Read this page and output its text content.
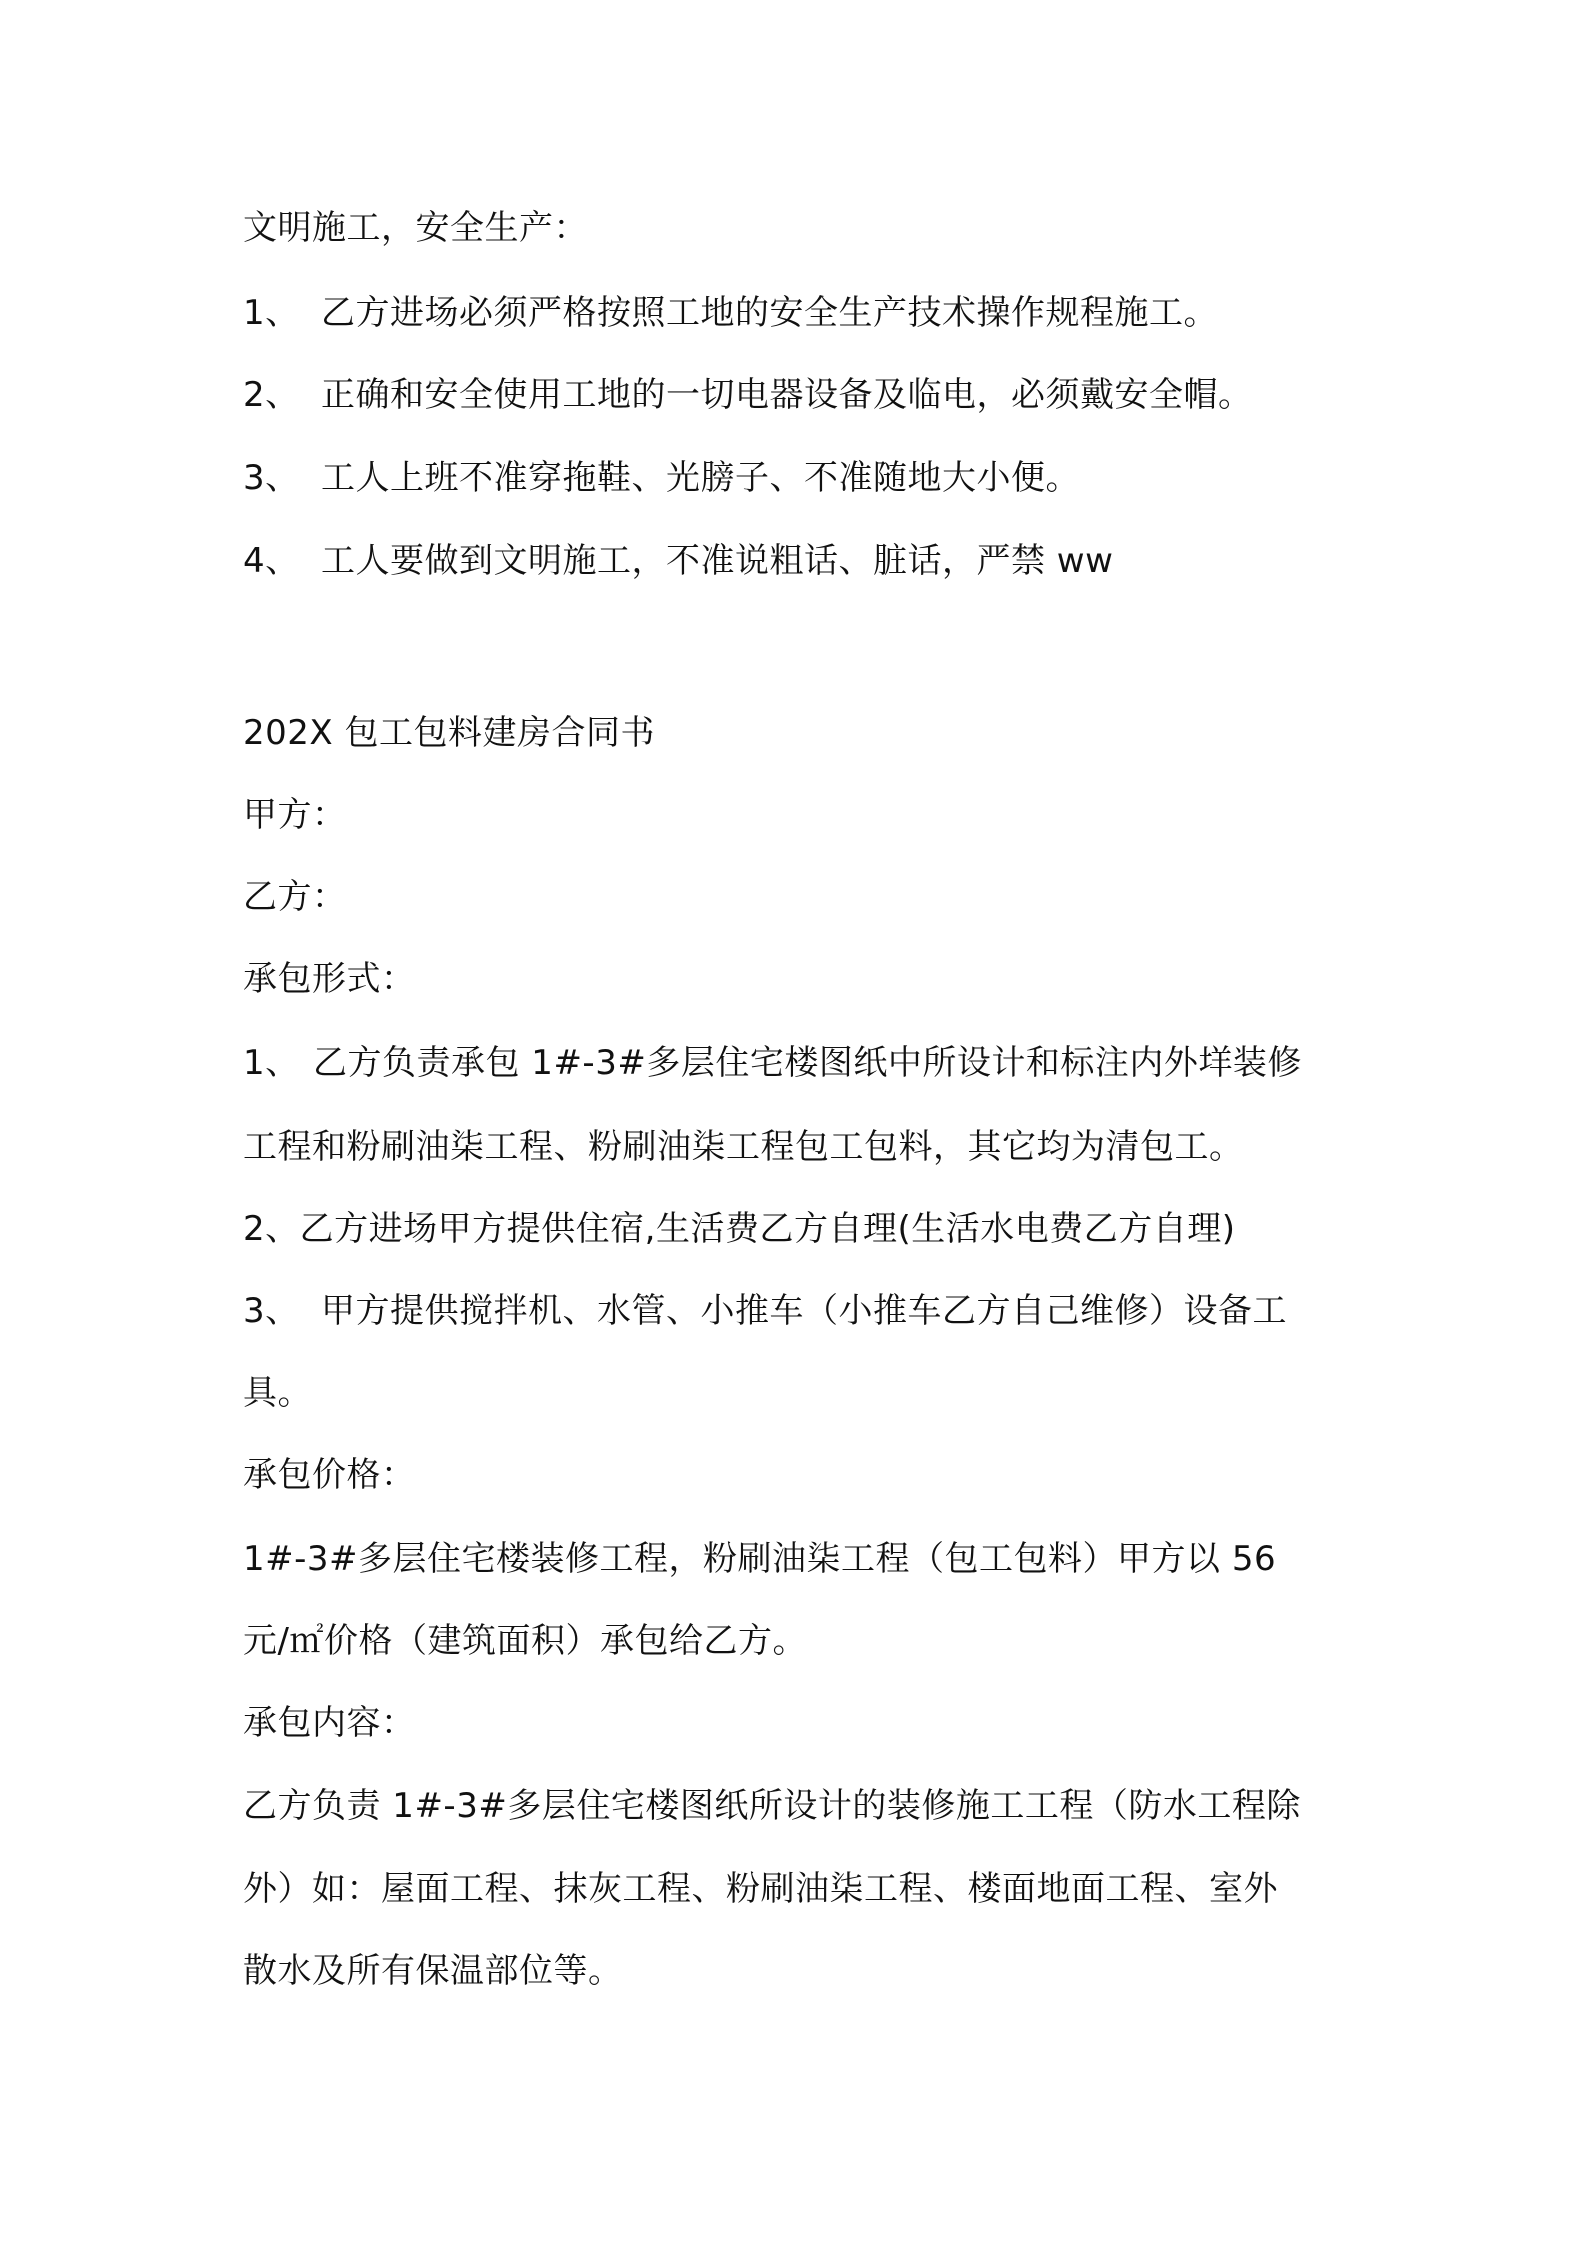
文明施工，安全生产：
1、 乙方进场必须严格按照工地的安全生产技术操作规程施工。
2、 正确和安全使用工地的一切电器设备及临电，必须戴安全帽。
3、 工人上班不准穿拖鞋、光膀子、不准随地大小便。
4、 工人要做到文明施工，不准说粗话、脏话，严禁 ww
202X 包工包料建房合同书
甲方：
乙方：
承包形式：
1、 乙方负责承包 1#-3#多层住宅楼图纸中所设计和标注内外垟装修
工程和粉刷油柒工程、粉刷油柒工程包工包料，其它均为清包工。
2、乙方进场甲方提供住宿,生活费乙方自理(生活水电费乙方自理)
3、 甲方提供搅拌机、水管、小推车（小推车乙方自己维修）设备工
具。
承包价格：
1#-3#多层住宅楼装修工程，粉刷油柒工程（包工包料）甲方以 56
元/㎡价格（建筑面积）承包给乙方。
承包内容：
乙方负责 1#-3#多层住宅楼图纸所设计的装修施工工程（防水工程除
外）如：屋面工程、抹灰工程、粉刷油柒工程、楼面地面工程、室外
散水及所有保温部位等。
